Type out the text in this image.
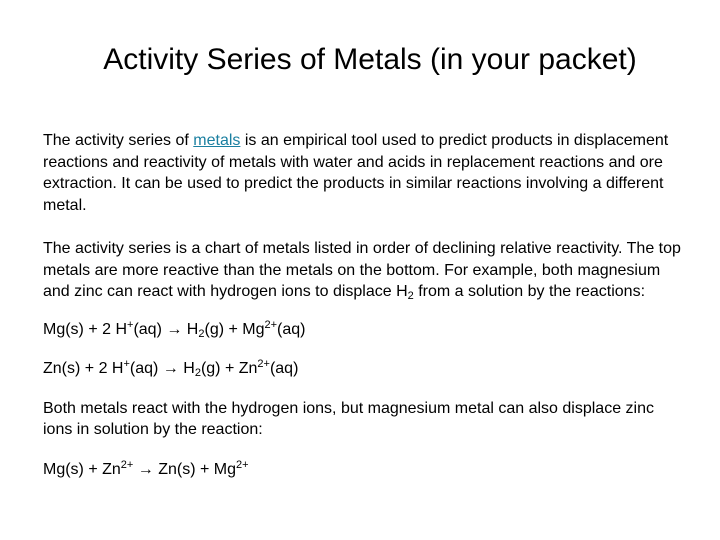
Activity Series of Metals (in your packet)

The activity series of metals is an empirical tool used to predict products in displacement reactions and reactivity of metals with water and acids in replacement reactions and ore extraction. It can be used to predict the products in similar reactions involving a different metal.

The activity series is a chart of metals listed in order of declining relative reactivity. The top metals are more reactive than the metals on the bottom. For example, both magnesium and zinc can react with hydrogen ions to displace $H_2$ from a solution by the reactions:

Mg(s) + 2 $H^+(aq) \to H_2(g) + Mg^{2+}(aq)$

Zn(s) + 2 $H^+(aq) \to H_2(g) + Zn^{2+}(aq)$

Both metals react with the hydrogen ions, but magnesium metal can also displace zinc ions in solution by the reaction:

$Mg(s) + Zn^{2+} \to Zn(s) + Mg^{2+}$
